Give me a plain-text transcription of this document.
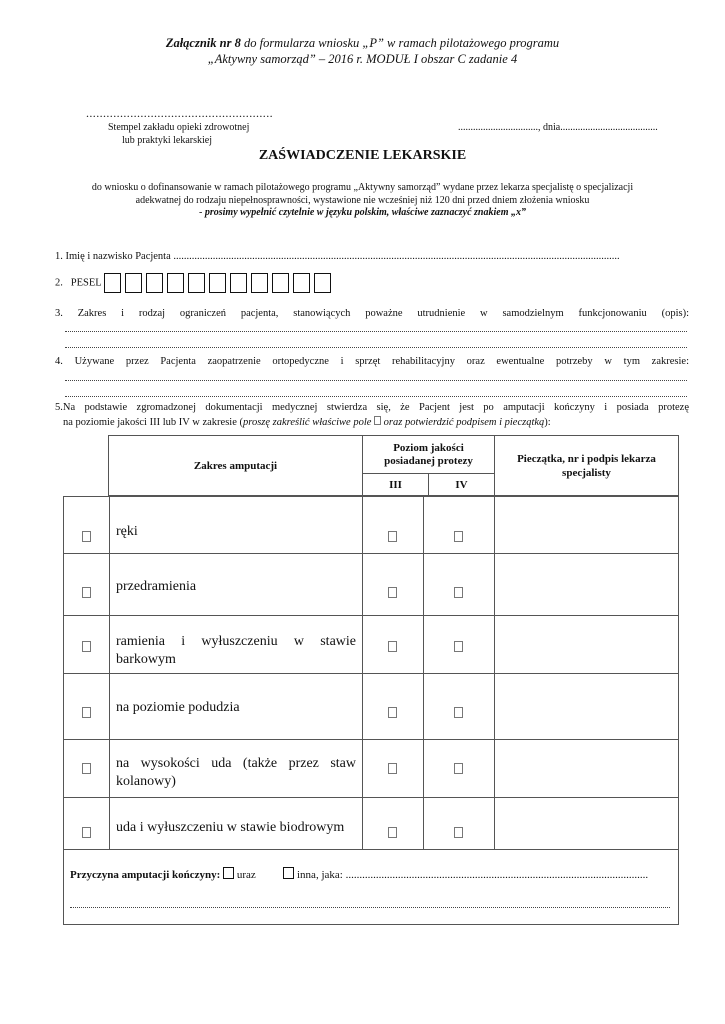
Załącznik nr 8 do formularza wniosku „P” w ramach pilotażowego programu
„Aktywny samorząd” – 2016 r. MODUŁ I obszar C zadanie 4
.......................................................
Stempel zakładu opieki zdrowotnej
lub praktyki lekarskiej
................................, dnia.......................................
ZAŚWIADCZENIE LEKARSKIE
do wniosku o dofinansowanie w ramach pilotażowego programu „Aktywny samorząd” wydane przez lekarza specjalistę o specjalizacji
adekwatnej do rodzaju niepełnosprawności, wystawione nie wcześniej niż 120 dni przed dniem złożenia wniosku
- prosimy wypełnić czytelnie w języku polskim, właściwe zaznaczyć znakiem „x”
1. Imię i nazwisko Pacjenta ..........................................................................................................................................................................
2. PESEL
3. Zakres i rodzaj ograniczeń pacjenta, stanowiących poważne utrudnienie w samodzielnym funkcjonowaniu (opis):
4. Używane przez Pacjenta zaopatrzenie ortopedyczne i sprzęt rehabilitacyjny oraz ewentualne potrzeby w tym zakresie:
5.Na podstawie zgromadzonej dokumentacji medycznej stwierdza się, że Pacjent jest po amputacji kończyny i posiada protezę
na poziomie jakości III lub IV w zakresie (proszę zakreślić właściwe pole  oraz potwierdzić podpisem i pieczątką):
Zakres amputacji	Poziom jakości posiadanej protezy		Pieczątka, nr i podpis lekarza specjalisty

	III	IV	
ręki
przedramienia
ramienia i wyłuszczeniu w stawie barkowym
na poziomie podudzia
na wysokości uda (także przez staw kolanowy)
uda i wyłuszczeniu w stawie biodrowym
Przyczyna amputacji kończyny: uraz	inna, jaka: ..............................................................................................................
